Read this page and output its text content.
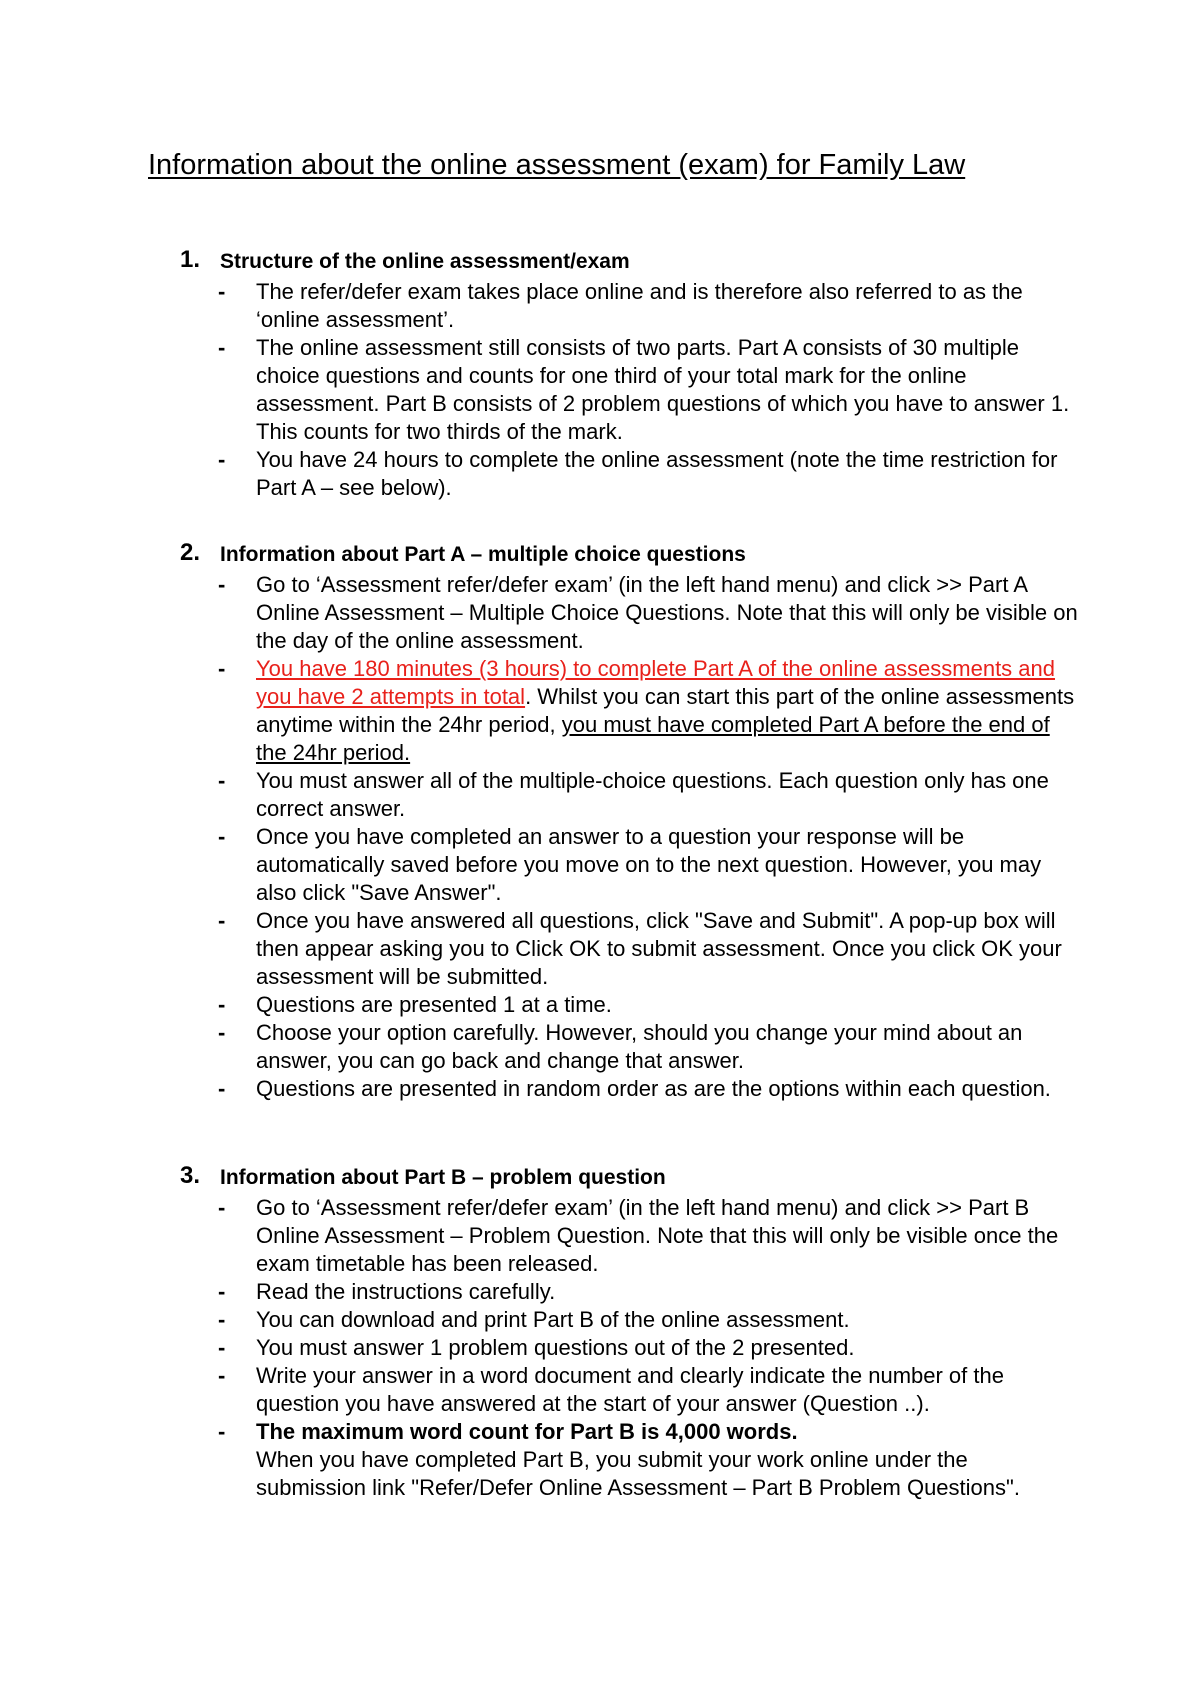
Information about the online assessment (exam) for Family Law
1. Structure of the online assessment/exam
- The refer/defer exam takes place online and is therefore also referred to as the ‘online assessment’.
- The online assessment still consists of two parts. Part A consists of 30 multiple choice questions and counts for one third of your total mark for the online assessment. Part B consists of 2 problem questions of which you have to answer 1. This counts for two thirds of the mark.
- You have 24 hours to complete the online assessment (note the time restriction for Part A – see below).
2. Information about Part A – multiple choice questions
- Go to ‘Assessment refer/defer exam’ (in the left hand menu) and click >> Part A Online Assessment – Multiple Choice Questions. Note that this will only be visible on the day of the online assessment.
- You have 180 minutes (3 hours) to complete Part A of the online assessments and you have 2 attempts in total. Whilst you can start this part of the online assessments anytime within the 24hr period, you must have completed Part A before the end of the 24hr period.
- You must answer all of the multiple-choice questions. Each question only has one correct answer.
- Once you have completed an answer to a question your response will be automatically saved before you move on to the next question. However, you may also click "Save Answer".
- Once you have answered all questions, click "Save and Submit". A pop-up box will then appear asking you to Click OK to submit assessment. Once you click OK your assessment will be submitted.
- Questions are presented 1 at a time.
- Choose your option carefully. However, should you change your mind about an answer, you can go back and change that answer.
- Questions are presented in random order as are the options within each question.
3. Information about Part B – problem question
- Go to ‘Assessment refer/defer exam’ (in the left hand menu) and click >> Part B Online Assessment – Problem Question. Note that this will only be visible once the exam timetable has been released.
- Read the instructions carefully.
- You can download and print Part B of the online assessment.
- You must answer 1 problem questions out of the 2 presented.
- Write your answer in a word document and clearly indicate the number of the question you have answered at the start of your answer (Question ..).
- The maximum word count for Part B is 4,000 words.
When you have completed Part B, you submit your work online under the submission link "Refer/Defer Online Assessment – Part B Problem Questions".
